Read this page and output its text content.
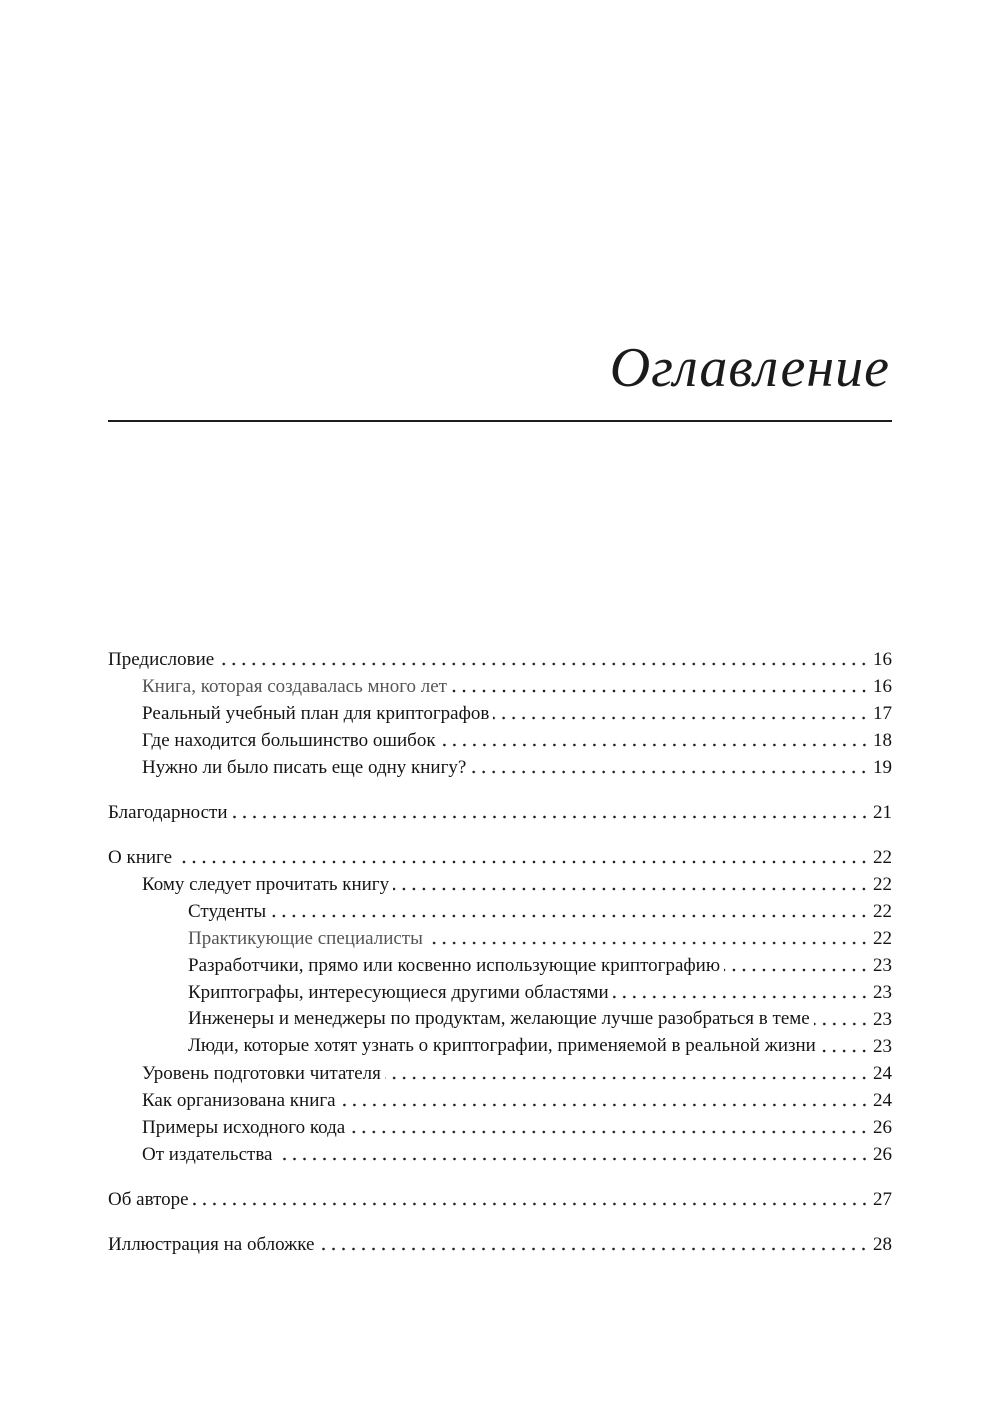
Оглавление
Предисловие	16
Книга, которая создавалась много лет	16
Реальный учебный план для криптографов	17
Где находится большинство ошибок	18
Нужно ли было писать еще одну книгу?	19
Благодарности	21
О книге	22
Кому следует прочитать книгу	22
Студенты	22
Практикующие специалисты	22
Разработчики, прямо или косвенно использующие криптографию	23
Криптографы, интересующиеся другими областями	23
Инженеры и менеджеры по продуктам, желающие лучше разобраться в теме	23
Люди, которые хотят узнать о криптографии, применяемой в реальной жизни	23
Уровень подготовки читателя	24
Как организована книга	24
Примеры исходного кода	26
От издательства	26
Об авторе	27
Иллюстрация на обложке	28
